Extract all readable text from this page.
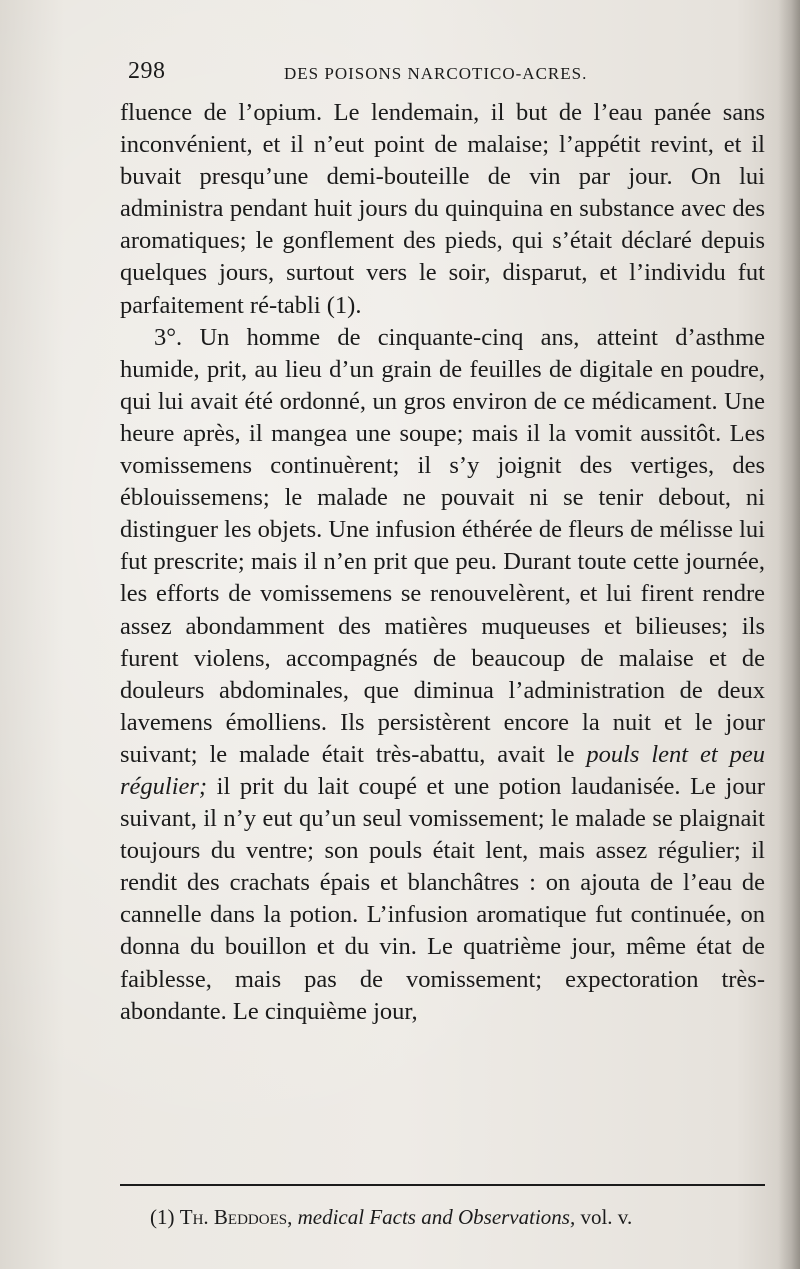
298	DES POISONS NARCOTICO-ACRES.

fluence de l’opium. Le lendemain, il but de l’eau panée sans inconvénient, et il n’eut point de malaise; l’appétit revint, et il buvait presqu’une demi-bouteille de vin par jour. On lui administra pendant huit jours du quinquina en substance avec des aromatiques; le gonflement des pieds, qui s’était déclaré depuis quelques jours, surtout vers le soir, disparut, et l’individu fut parfaitement ré-tabli (1).

3°. Un homme de cinquante-cinq ans, atteint d’asthme humide, prit, au lieu d’un grain de feuilles de digitale en poudre, qui lui avait été ordonné, un gros environ de ce médicament. Une heure après, il mangea une soupe; mais il la vomit aussitôt. Les vomissemens continuèrent; il s’y joignit des vertiges, des éblouissemens; le malade ne pouvait ni se tenir debout, ni distinguer les objets. Une infusion éthérée de fleurs de mélisse lui fut prescrite; mais il n’en prit que peu. Durant toute cette journée, les efforts de vomissemens se renouvelèrent, et lui firent rendre assez abondamment des matières muqueuses et bilieuses; ils furent violens, accompagnés de beaucoup de malaise et de douleurs abdominales, que diminua l’administration de deux lavemens émolliens. Ils persistèrent encore la nuit et le jour suivant; le malade était très-abattu, avait le pouls lent et peu régulier; il prit du lait coupé et une potion laudanisée. Le jour suivant, il n’y eut qu’un seul vomissement; le malade se plaignait toujours du ventre; son pouls était lent, mais assez régulier; il rendit des crachats épais et blanchâtres : on ajouta de l’eau de cannelle dans la potion. L’infusion aromatique fut continuée, on donna du bouillon et du vin. Le quatrième jour, même état de faiblesse, mais pas de vomissement; expectoration très-abondante. Le cinquième jour,

(1) Th. Beddoes, medical Facts and Observations, vol. v.
